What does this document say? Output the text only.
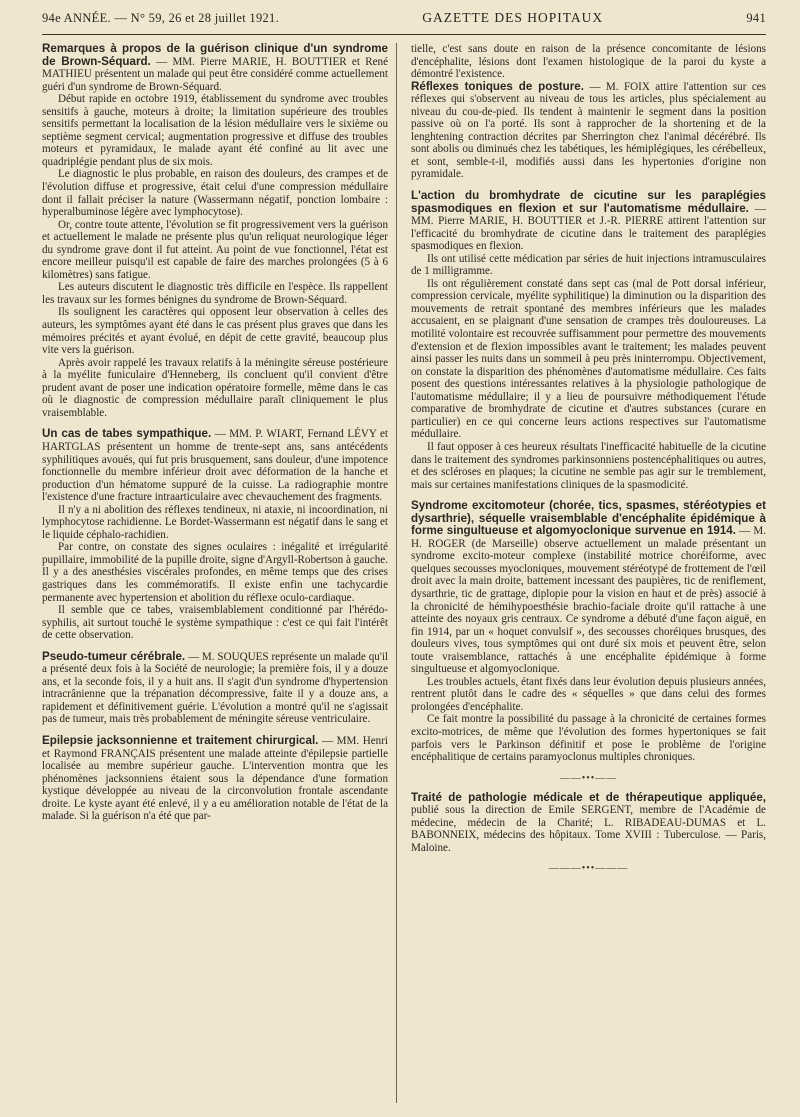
94e ANNÉE. — N° 59, 26 et 28 juillet 1921.	GAZETTE DES HOPITAUX	941

Remarques à propos de la guérison clinique d'un syndrome de Brown-Séquard. — MM. Pierre MARIE, H. BOUTTIER et René MATHIEU présentent un malade qui peut être considéré comme actuellement guéri d'un syndrome de Brown-Séquard.

Début rapide en octobre 1919, établissement du syndrome avec troubles sensitifs à gauche, moteurs à droite; la limitation supérieure des troubles sensitifs permettant la localisation de la lésion médullaire vers le sixième ou septième segment cervical; augmentation progressive et diffuse des troubles moteurs et pyramidaux, le malade ayant été confiné au lit avec une quadriplégie pendant plus de six mois.

Le diagnostic le plus probable, en raison des douleurs, des crampes et de l'évolution diffuse et progressive, était celui d'une compression médullaire dont il fallait préciser la nature (Wassermann négatif, ponction lombaire : hyperalbuminose légère avec lymphocytose).

Or, contre toute attente, l'évolution se fit progressivement vers la guérison et actuellement le malade ne présente plus qu'un reliquat neurologique léger du syndrome grave dont il fut atteint. Au point de vue fonctionnel, l'état est encore meilleur puisqu'il est capable de faire des marches prolongées (5 à 6 kilomètres) sans fatigue.

Les auteurs discutent le diagnostic très difficile en l'espèce. Ils rappellent les travaux sur les formes bénignes du syndrome de Brown-Séquard.

Ils soulignent les caractères qui opposent leur observation à celles des auteurs, les symptômes ayant été dans le cas présent plus graves que dans les mémoires précités et ayant évolué, en dépit de cette gravité, beaucoup plus vite vers la guérison.

Après avoir rappelé les travaux relatifs à la méningite séreuse postérieure à la myélite funiculaire d'Henneberg, ils concluent qu'il convient d'être prudent avant de poser une indication opératoire formelle, même dans le cas où le diagnostic de compression médullaire paraît cliniquement le plus vraisemblable.

Un cas de tabes sympathique. — MM. P. WIART, Fernand LÉVY et HARTGLAS présentent un homme de trente-sept ans, sans antécédents syphilitiques avoués, qui fut pris brusquement, sans douleur, d'une impotence fonctionnelle du membre inférieur droit avec déformation de la hanche et production d'un hématome suppuré de la cuisse. La radiographie montre l'existence d'une fracture intraarticulaire avec chevauchement des fragments.

Il n'y a ni abolition des réflexes tendineux, ni ataxie, ni incoordination, ni lymphocytose rachidienne. Le Bordet-Wassermann est négatif dans le sang et le liquide céphalo-rachidien.

Par contre, on constate des signes oculaires : inégalité et irrégularité pupillaire, immobilité de la pupille droite, signe d'Argyll-Robertson à gauche. Il y a des anesthésies viscérales profondes, en même temps que des crises gastriques dans les commémoratifs. Il existe enfin une tachycardie permanente avec hypertension et abolition du réflexe oculo-cardiaque.

Il semble que ce tabes, vraisemblablement conditionné par l'hérédo-syphilis, ait surtout touché le système sympathique : c'est ce qui fait l'intérêt de cette observation.

Pseudo-tumeur cérébrale. — M. SOUQUES représente un malade qu'il a présenté deux fois à la Société de neurologie; la première fois, il y a douze ans, et la seconde fois, il y a huit ans. Il s'agit d'un syndrome d'hypertension intracrânienne que la trépanation décompressive, faite il y a douze ans, a rapidement et définitivement guérie. L'évolution a montré qu'il ne s'agissait pas de tumeur, mais très probablement de méningite séreuse ventriculaire.

Epilepsie jacksonnienne et traitement chirurgical. — MM. Henri et Raymond FRANÇAIS présentent une malade atteinte d'épilepsie partielle localisée au membre supérieur gauche. L'intervention montra que les phénomènes jacksonniens étaient sous la dépendance d'une formation kystique développée au niveau de la circonvolution frontale ascendante droite. Le kyste ayant été enlevé, il y a eu amélioration notable de l'état de la malade. Si la guérison n'a été que par-

tielle, c'est sans doute en raison de la présence concomitante de lésions d'encéphalite, lésions dont l'examen histologique de la paroi du kyste a démontré l'existence.

Réflexes toniques de posture. — M. FOIX attire l'attention sur ces réflexes qui s'observent au niveau de tous les articles, plus spécialement au niveau du cou-de-pied. Ils tendent à maintenir le segment dans la position passive où on l'a porté. Ils sont à rapprocher de la shortening et de la lenghtening contraction décrites par Sherrington chez l'animal décérébré. Ils sont abolis ou diminués chez les tabétiques, les hémiplégiques, les cérébelleux, et sont, semble-t-il, modifiés aussi dans les hypertonies d'origine non pyramidale.

L'action du bromhydrate de cicutine sur les paraplégies spasmodiques en flexion et sur l'automatisme médullaire. — MM. Pierre MARIE, H. BOUTTIER et J.-R. PIERRE attirent l'attention sur l'efficacité du bromhydrate de cicutine dans le traitement des paraplégies spasmodiques en flexion.

Ils ont utilisé cette médication par séries de huit injections intramusculaires de 1 milligramme.

Ils ont régulièrement constaté dans sept cas (mal de Pott dorsal inférieur, compression cervicale, myélite syphilitique) la diminution ou la disparition des mouvements de retrait spontané des membres inférieurs que les malades accusaient, en se plaignant d'une sensation de crampes très douloureuses. La motilité volontaire est recouvrée suffisamment pour permettre des mouvements d'extension et de flexion impossibles avant le traitement; les malades peuvent ainsi passer les nuits dans un sommeil à peu près ininterrompu. Objectivement, on constate la disparition des phénomènes d'automatisme médullaire. Ces faits posent des questions intéressantes relatives à la physiologie pathologique de l'automatisme médullaire; il y a lieu de poursuivre méthodiquement l'étude comparative de bromhydrate de cicutine et d'autres substances (curare en particulier) en ce qui concerne leurs actions respectives sur l'automatisme médullaire.

Il faut opposer à ces heureux résultats l'inefficacité habituelle de la cicutine dans le traitement des syndromes parkinsonniens postencéphalitiques ou autres, et des scléroses en plaques; la cicutine ne semble pas agir sur le tremblement, mais sur certaines manifestations cliniques de la spasmodicité.

Syndrome excitomoteur (chorée, tics, spasmes, stéréotypies et dysarthrie), séquelle vraisemblable d'encéphalite épidémique à forme singultueuse et algomyoclonique survenue en 1914. — M. H. ROGER (de Marseille) observe actuellement un malade présentant un syndrome excito-moteur complexe (instabilité motrice choréiforme, avec quelques secousses myocloniques, mouvement stéréotypé de frottement de l'œil droit avec la main droite, battement incessant des paupières, tic de reniflement, dysarthrie, tic de grattage, diplopie pour la vision en haut et de près) associé à la chronicité de hémihypoesthésie brachio-faciale droite qu'il rattache à une atteinte des noyaux gris centraux. Ce syndrome a débuté d'une façon aiguë, en fin 1914, par un « hoquet convulsif », des secousses choréiques brusques, des douleurs vives, tous symptômes qui ont duré six mois et peuvent être, selon toute vraisemblance, rattachés à une encéphalite épidémique à forme singultueuse et algomyoclonique.

Les troubles actuels, étant fixés dans leur évolution depuis plusieurs années, rentrent plutôt dans le cadre des « séquelles » que dans celui des formes prolongées d'encéphalite.

Ce fait montre la possibilité du passage à la chronicité de certaines formes excito-motrices, de même que l'évolution des formes hypertoniques se fait parfois vers le Parkinson définitif et pose le problème de l'origine encéphalitique de certains paramyoclonus multiples chroniques.

——•••——

Traité de pathologie médicale et de thérapeutique appliquée, publié sous la direction de Emile SERGENT, membre de l'Académie de médecine, médecin de la Charité; L. RIBADEAU-DUMAS et L. BABONNEIX, médecins des hôpitaux. Tome XVIII : Tuberculose. — Paris, Maloine.

———•••———
